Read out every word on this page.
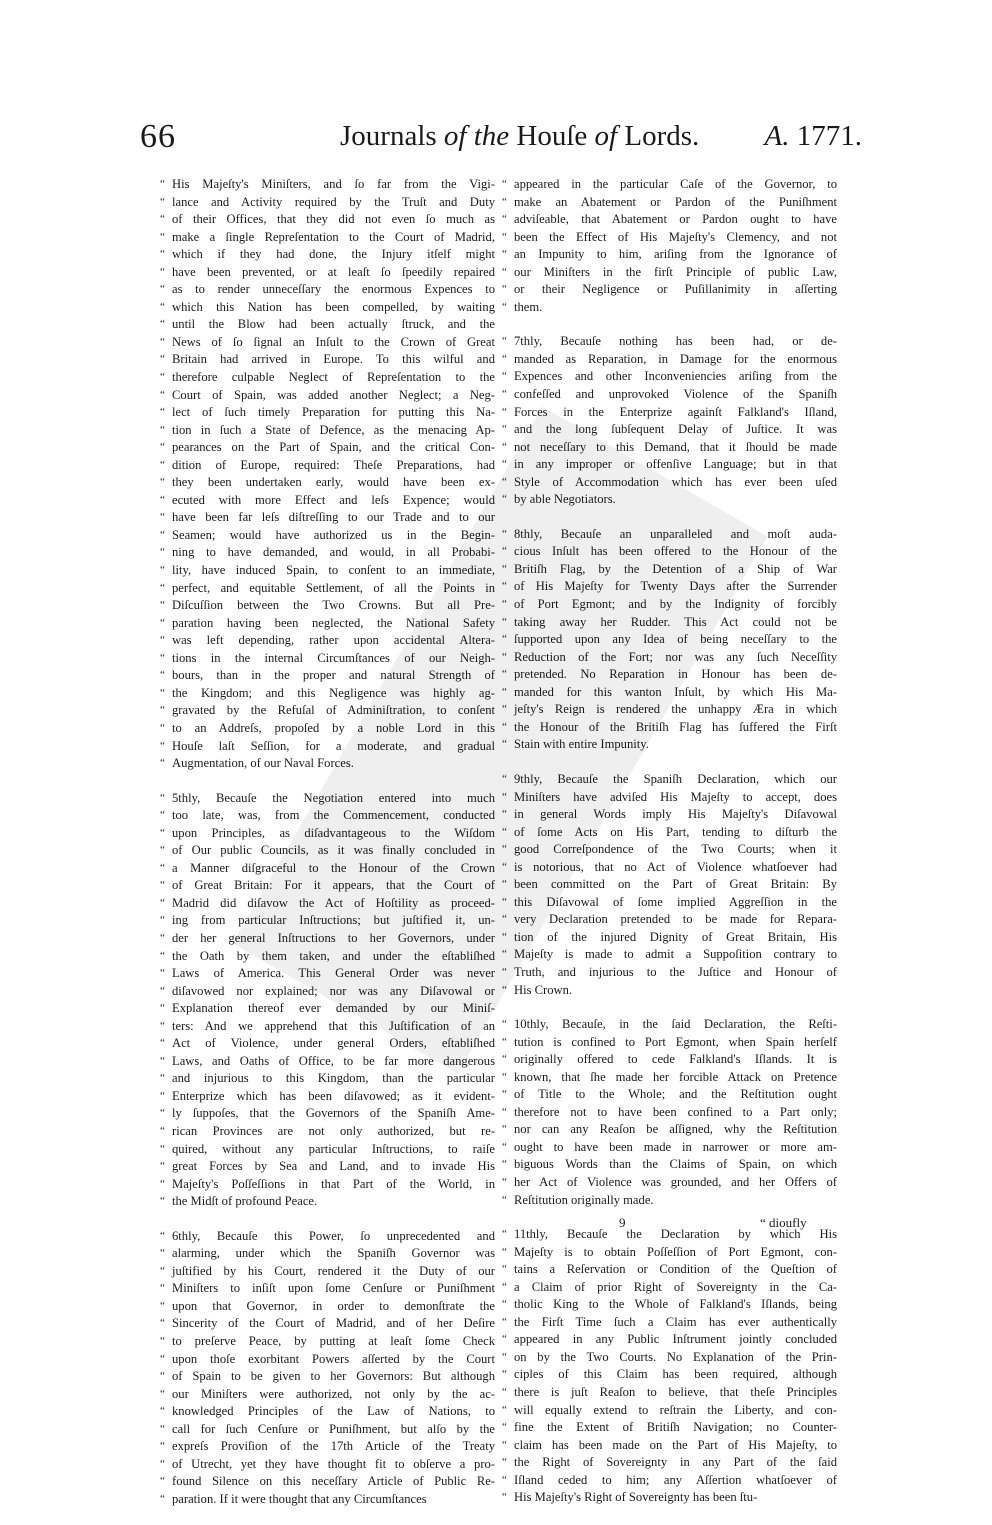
66	Journals of the Houſe of Lords. A. 1771.
“ His Majeſty's Miniſters, and ſo far from the Vigi-
“ lance and Activity required by the Truſt and Duty
“ of their Offices, that they did not even ſo much as
“ make a ſingle Repreſentation to the Court of Madrid,
“ which if they had done, the Injury itſelf might
“ have been prevented, or at leaſt ſo ſpeedily repaired
“ as to render unneceſſary the enormous Expences to
“ which this Nation has been compelled, by waiting
“ until the Blow had been actually ſtruck, and the
“ News of ſo ſignal an Inſult to the Crown of Great
“ Britain had arrived in Europe. To this wilful and
“ therefore culpable Neglect of Repreſentation to the
“ Court of Spain, was added another Neglect; a Neg-
“ lect of ſuch timely Preparation for putting this Na-
“ tion in ſuch a State of Defence, as the menacing Ap-
“ pearances on the Part of Spain, and the critical Con-
“ dition of Europe, required: Theſe Preparations, had
“ they been undertaken early, would have been ex-
“ ecuted with more Effect and leſs Expence; would
“ have been far leſs diſtreſſing to our Trade and to our
“ Seamen; would have authorized us in the Begin-
“ ning to have demanded, and would, in all Probabi-
“ lity, have induced Spain, to conſent to an immediate,
“ perfect, and equitable Settlement, of all the Points in
“ Diſcuſſion between the Two Crowns. But all Pre-
“ paration having been neglected, the National Safety
“ was left depending, rather upon accidental Altera-
“ tions in the internal Circumſtances of our Neigh-
“ bours, than in the proper and natural Strength of
“ the Kingdom; and this Negligence was highly ag-
“ gravated by the Refuſal of Adminiſtration, to conſent
“ to an Addreſs, propoſed by a noble Lord in this
“ Houſe laſt Seſſion, for a moderate, and gradual
“ Augmentation, of our Naval Forces.
“ 5thly, Becauſe the Negotiation entered into much
“ too late, was, from the Commencement, conducted
“ upon Principles, as diſadvantageous to the Wiſdom
“ of Our public Councils, as it was finally concluded in
“ a Manner diſgraceful to the Honour of the Crown
“ of Great Britain: For it appears, that the Court of
“ Madrid did diſavow the Act of Hoſtility as proceed-
“ ing from particular Inſtructions; but juſtified it, un-
“ der her general Inſtructions to her Governors, under
“ the Oath by them taken, and under the eſtabliſhed
“ Laws of America. This General Order was never
“ diſavowed nor explained; nor was any Diſavowal or
“ Explanation thereof ever demanded by our Miniſ-
“ ters: And we apprehend that this Juſtification of an
“ Act of Violence, under general Orders, eſtabliſhed
“ Laws, and Oaths of Office, to be far more dangerous
“ and injurious to this Kingdom, than the particular
“ Enterprize which has been diſavowed; as it evident-
“ ly ſuppoſes, that the Governors of the Spaniſh Ame-
“ rican Provinces are not only authorized, but re-
“ quired, without any particular Inſtructions, to raiſe
“ great Forces by Sea and Land, and to invade His
“ Majeſty's Poſſeſſions in that Part of the World, in
“ the Midſt of profound Peace.
“ 6thly, Becauſe this Power, ſo unprecedented and
“ alarming, under which the Spaniſh Governor was
“ juſtified by his Court, rendered it the Duty of our
“ Miniſters to inſiſt upon ſome Cenſure or Puniſhment
“ upon that Governor, in order to demonſtrate the
“ Sincerity of the Court of Madrid, and of her Deſire
“ to preſerve Peace, by putting at leaſt ſome Check
“ upon thoſe exorbitant Powers aſſerted by the Court
“ of Spain to be given to her Governors: But although
“ our Miniſters were authorized, not only by the ac-
“ knowledged Principles of the Law of Nations, to
“ call for ſuch Cenſure or Puniſhment, but alſo by the
“ expreſs Proviſion of the 17th Article of the Treaty
“ of Utrecht, yet they have thought fit to obſerve a pro-
“ found Silence on this neceſſary Article of Public Re-
“ paration. If it were thought that any Circumſtances
“ appeared in the particular Caſe of the Governor, to
“ make an Abatement or Pardon of the Puniſhment
“ adviſeable, that Abatement or Pardon ought to have
“ been the Effect of His Majeſty's Clemency, and not
“ an Impunity to him, ariſing from the Ignorance of
“ our Miniſters in the firſt Principle of public Law,
“ or their Negligence or Puſillanimity in aſſerting
“ them.
“ 7thly, Becauſe nothing has been had, or de-
“ manded as Reparation, in Damage for the enormous
“ Expences and other Inconveniencies ariſing from the
“ confeſſed and unprovoked Violence of the Spaniſh
“ Forces in the Enterprize againſt Falkland's Iſland,
“ and the long ſubſequent Delay of Juſtice. It was
“ not neceſſary to this Demand, that it ſhould be made
“ in any improper or offenſive Language; but in that
“ Style of Accommodation which has ever been uſed
“ by able Negotiators.
“ 8thly, Becauſe an unparalleled and moſt auda-
“ cious Inſult has been offered to the Honour of the
“ Britiſh Flag, by the Detention of a Ship of War
“ of His Majeſty for Twenty Days after the Surrender
“ of Port Egmont; and by the Indignity of forcibly
“ taking away her Rudder. This Act could not be
“ ſupported upon any Idea of being neceſſary to the
“ Reduction of the Fort; nor was any ſuch Neceſſity
“ pretended. No Reparation in Honour has been de-
“ manded for this wanton Inſult, by which His Ma-
“ jeſty's Reign is rendered the unhappy Æra in which
“ the Honour of the Britiſh Flag has ſuffered the Firſt
“ Stain with entire Impunity.
“ 9thly, Becauſe the Spaniſh Declaration, which our
“ Miniſters have adviſed His Majeſty to accept, does
“ in general Words imply His Majeſty's Diſavowal
“ of ſome Acts on His Part, tending to diſturb the
“ good Correſpondence of the Two Courts; when it
“ is notorious, that no Act of Violence whatſoever had
“ been committed on the Part of Great Britain: By
“ this Diſavowal of ſome implied Aggreſſion in the
“ very Declaration pretended to be made for Repara-
“ tion of the injured Dignity of Great Britain, His
“ Majeſty is made to admit a Suppoſition contrary to
“ Truth, and injurious to the Juſtice and Honour of
“ His Crown.
“ 10thly, Becauſe, in the ſaid Declaration, the Reſti-
“ tution is confined to Port Egmont, when Spain herſelf
“ originally offered to cede Falkland's Iſlands. It is
“ known, that ſhe made her forcible Attack on Pretence
“ of Title to the Whole; and the Reſtitution ought
“ therefore not to have been confined to a Part only;
“ nor can any Reaſon be aſſigned, why the Reſtitution
“ ought to have been made in narrower or more am-
“ biguous Words than the Claims of Spain, on which
“ her Act of Violence was grounded, and her Offers of
“ Reſtitution originally made.
“ 11thly, Becauſe the Declaration by which His
“ Majeſty is to obtain Poſſeſſion of Port Egmont, con-
“ tains a Reſervation or Condition of the Queſtion of
“ a Claim of prior Right of Sovereignty in the Ca-
“ tholic King to the Whole of Falkland's Iſlands, being
“ the Firſt Time ſuch a Claim has ever authentically
“ appeared in any Public Inſtrument jointly concluded
“ on by the Two Courts. No Explanation of the Prin-
“ ciples of this Claim has been required, although
“ there is juſt Reaſon to believe, that theſe Principles
“ will equally extend to reſtrain the Liberty, and con-
“ fine the Extent of Britiſh Navigation; no Counter-
“ claim has been made on the Part of His Majeſty, to
“ the Right of Sovereignty in any Part of the ſaid
“ Iſland ceded to him; any Aſſertion whatſoever of
“ His Majeſty's Right of Sovereignty has been ſtu-
9	“ dioufly
